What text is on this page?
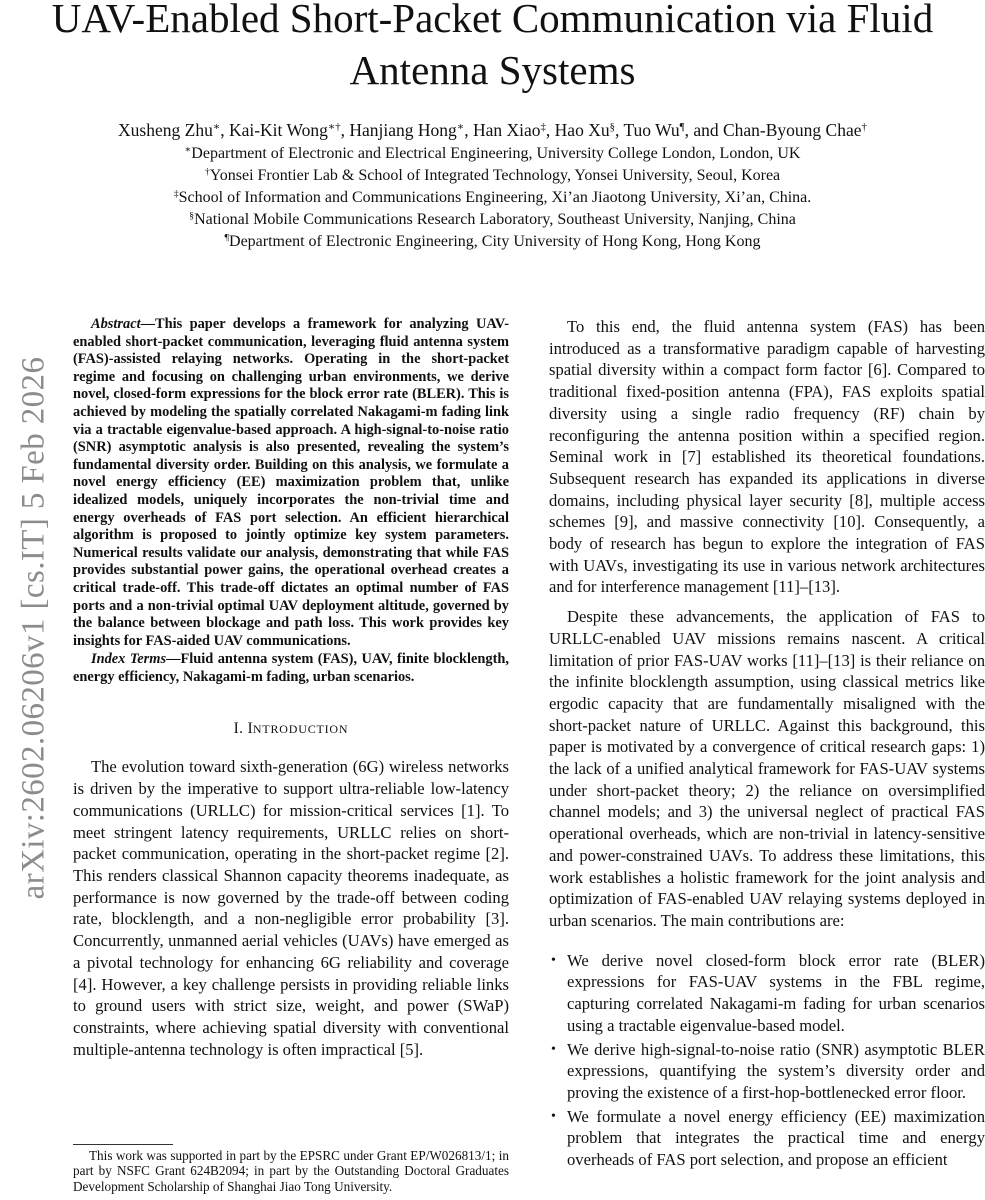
UAV-Enabled Short-Packet Communication via Fluid Antenna Systems
Xusheng Zhu∗, Kai-Kit Wong∗†, Hanjiang Hong∗, Han Xiao‡, Hao Xu§, Tuo Wu¶, and Chan-Byoung Chae†
∗Department of Electronic and Electrical Engineering, University College London, London, UK
†Yonsei Frontier Lab & School of Integrated Technology, Yonsei University, Seoul, Korea
‡School of Information and Communications Engineering, Xi’an Jiaotong University, Xi’an, China.
§National Mobile Communications Research Laboratory, Southeast University, Nanjing, China
¶Department of Electronic Engineering, City University of Hong Kong, Hong Kong
arXiv:2602.06206v1 [cs.IT] 5 Feb 2026

Abstract—This paper develops a framework for analyzing UAV-enabled short-packet communication, leveraging fluid antenna system (FAS)-assisted relaying networks. Operating in the short-packet regime and focusing on challenging urban environments, we derive novel, closed-form expressions for the block error rate (BLER). This is achieved by modeling the spatially correlated Nakagami-m fading link via a tractable eigenvalue-based approach. A high-signal-to-noise ratio (SNR) asymptotic analysis is also presented, revealing the system’s fundamental diversity order. Building on this analysis, we formulate a novel energy efficiency (EE) maximization problem that, unlike idealized models, uniquely incorporates the non-trivial time and energy overheads of FAS port selection. An efficient hierarchical algorithm is proposed to jointly optimize key system parameters. Numerical results validate our analysis, demonstrating that while FAS provides substantial power gains, the operational overhead creates a critical trade-off. This trade-off dictates an optimal number of FAS ports and a non-trivial optimal UAV deployment altitude, governed by the balance between blockage and path loss. This work provides key insights for FAS-aided UAV communications.

Index Terms—Fluid antenna system (FAS), UAV, finite blocklength, energy efficiency, Nakagami-m fading, urban scenarios.

I. INTRODUCTION

The evolution toward sixth-generation (6G) wireless networks is driven by the imperative to support ultra-reliable low-latency communications (URLLC) for mission-critical services [1]. To meet stringent latency requirements, URLLC relies on short-packet communication, operating in the short-packet regime [2]. This renders classical Shannon capacity theorems inadequate, as performance is now governed by the trade-off between coding rate, blocklength, and a non-negligible error probability [3]. Concurrently, unmanned aerial vehicles (UAVs) have emerged as a pivotal technology for enhancing 6G reliability and coverage [4]. However, a key challenge persists in providing reliable links to ground users with strict size, weight, and power (SWaP) constraints, where achieving spatial diversity with conventional multiple-antenna technology is often impractical [5].

This work was supported in part by the EPSRC under Grant EP/W026813/1; in part by NSFC Grant 624B2094; in part by the Outstanding Doctoral Graduates Development Scholarship of Shanghai Jiao Tong University.

To this end, the fluid antenna system (FAS) has been introduced as a transformative paradigm capable of harvesting spatial diversity within a compact form factor [6]. Compared to traditional fixed-position antenna (FPA), FAS exploits spatial diversity using a single radio frequency (RF) chain by reconfiguring the antenna position within a specified region. Seminal work in [7] established its theoretical foundations. Subsequent research has expanded its applications in diverse domains, including physical layer security [8], multiple access schemes [9], and massive connectivity [10]. Consequently, a body of research has begun to explore the integration of FAS with UAVs, investigating its use in various network architectures and for interference management [11]–[13].

Despite these advancements, the application of FAS to URLLC-enabled UAV missions remains nascent. A critical limitation of prior FAS-UAV works [11]–[13] is their reliance on the infinite blocklength assumption, using classical metrics like ergodic capacity that are fundamentally misaligned with the short-packet nature of URLLC. Against this background, this paper is motivated by a convergence of critical research gaps: 1) the lack of a unified analytical framework for FAS-UAV systems under short-packet theory; 2) the reliance on oversimplified channel models; and 3) the universal neglect of practical FAS operational overheads, which are non-trivial in latency-sensitive and power-constrained UAVs. To address these limitations, this work establishes a holistic framework for the joint analysis and optimization of FAS-enabled UAV relaying systems deployed in urban scenarios. The main contributions are:

• We derive novel closed-form block error rate (BLER) expressions for FAS-UAV systems in the FBL regime, capturing correlated Nakagami-m fading for urban scenarios using a tractable eigenvalue-based model.
• We derive high-signal-to-noise ratio (SNR) asymptotic BLER expressions, quantifying the system’s diversity order and proving the existence of a first-hop-bottlenecked error floor.
• We formulate a novel energy efficiency (EE) maximization problem that integrates the practical time and energy overheads of FAS port selection, and propose an efficient
